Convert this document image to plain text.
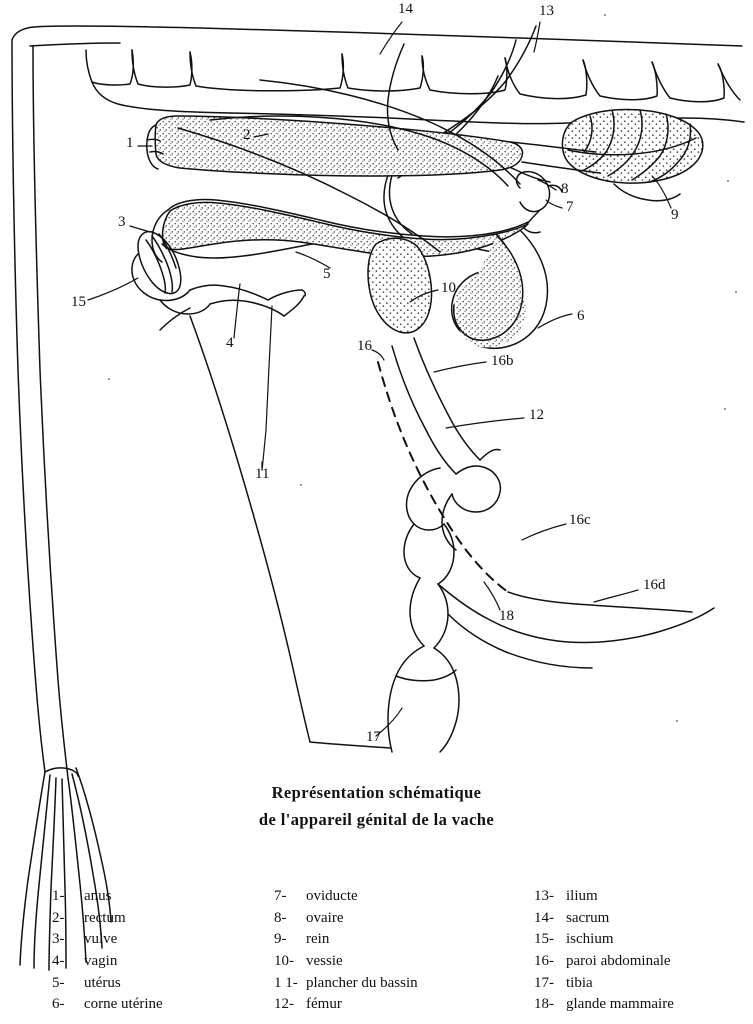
1	2
3
4
5
6
7
8
9
10
11
12
13
14
15
16
16b
16c
16d
17
18
Représentation schématique
de l'appareil génital de la vache
1-	anus
2-	rectum
3-	vulve
4-	vagin
5-	utérus
6-	corne utérine
7-	oviducte
8-	ovaire
9-	rein
10- vessie
1 1- plancher du bassin
12- fémur
13- ilium
14- sacrum
15- ischium
16- paroi abdominale
17- tibia
18- glande mammaire
